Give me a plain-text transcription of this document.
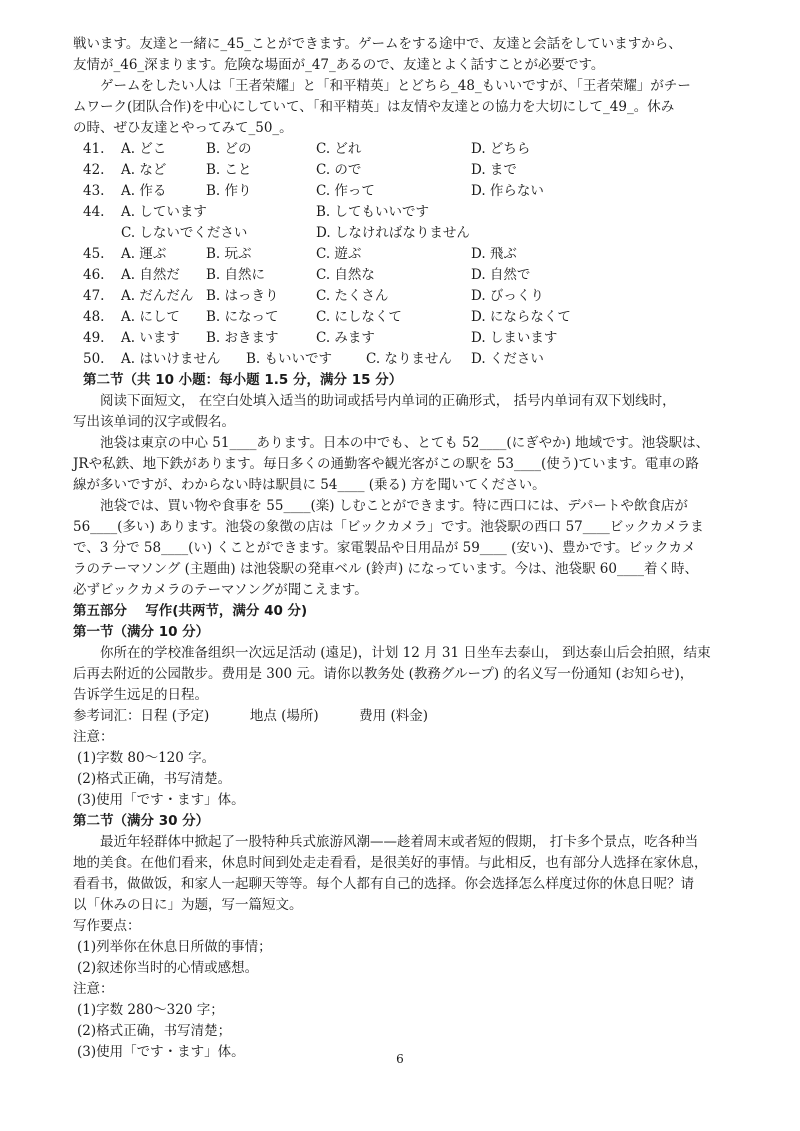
戦います。友達と一緒に_45_ことができます。ゲームをする途中で、友達と会話をしていますから、

友情が_46_深まります。危険な場面が_47_あるので、友達とよく話すことが必要です。

ゲームをしたい人は「王者荣耀」と「和平精英」とどちら_48_もいいですが、「王者荣耀」がチー

ムワーク(团队合作)を中心にしていて、「和平精英」は友情や友達との協力を大切にして_49_。休み

の時、ぜひ友達とやってみて_50_。

41.	A. どこ	B. どの	C. どれ	D. どちら
42.	A. など	B. こと	C. ので	D. まで
43.	A. 作る	B. 作り	C. 作って	D. 作らない
44.	A. しています	B. してもいいです
C. しないでください	D. しなければなりません
45.	A. 運ぶ	B. 玩ぶ	C. 遊ぶ	D. 飛ぶ
46.	A. 自然だ	B. 自然に	C. 自然な	D. 自然で
47.	A. だんだん B. はっきり	C. たくさん	D. びっくり
48.	A. にして	B. になって	C. にしなくて	D. にならなくて
49.	A. います	B. おきます	C. みます	D. しまいます
50.	A. はいけません	B. もいいです	C. なりません	D. ください

第二节（共 10 小题：每小题 1.5 分，满分 15 分）

阅读下面短文， 在空白处填入适当的助词或括号内单词的正确形式， 括号内单词有双下划线时，

写出该单词的汉字或假名。

池袋は東京の中心 51____あります。日本の中でも、とても 52____(にぎやか) 地域です。池袋駅は、

JRや私鉄、地下鉄があります。毎日多くの通勤客や観光客がこの駅を 53____(使う)ています。電車の路

線が多いですが、わからない時は駅員に 54____ (乗る) 方を聞いてください。

池袋では、買い物や食事を 55____(楽) しむことができます。特に西口には、デパートや飲食店が

56____(多い) あります。池袋の象徴の店は「ビックカメラ」です。池袋駅の西口 57____ビックカメラま

で、3 分で 58____(い) くことができます。家電製品や日用品が 59____ (安い)、豊かです。ビックカメ

ラのテーマソング (主題曲) は池袋駅の発車ベル (鈴声) になっています。今は、池袋駅 60____着く時、

必ずビックカメラのテーマソングが聞こえます。

第五部分　 写作(共两节，满分 40 分)

第一节（满分 10 分）

你所在的学校准备组织一次远足活动 (遠足)，计划 12 月 31 日坐车去泰山， 到达泰山后会拍照，结束

后再去附近的公园散步。费用是 300 元。请你以教务处 (教務グループ) 的名义写一份通知 (お知らせ)，

告诉学生远足的日程。

参考词汇：日程 (予定)　　　地点 (場所)　　　费用 (料金)

注意：

(1)字数 80～120 字。

(2)格式正确，书写清楚。

(3)使用「です・ます」体。

第二节（满分 30 分）

最近年轻群体中掀起了一股特种兵式旅游风潮——趁着周末或者短的假期， 打卡多个景点，吃各种当

地的美食。在他们看来，休息时间到处走走看看，是很美好的事情。与此相反，也有部分人选择在家休息，

看看书，做做饭，和家人一起聊天等等。每个人都有自己的选择。你会选择怎么样度过你的休息日呢？请

以「休みの日に」为题，写一篇短文。

写作要点：

(1)列举你在休息日所做的事情；

(2)叙述你当时的心情或感想。

注意：

(1)字数 280～320 字；

(2)格式正确，书写清楚；

(3)使用「です・ます」体。	6
